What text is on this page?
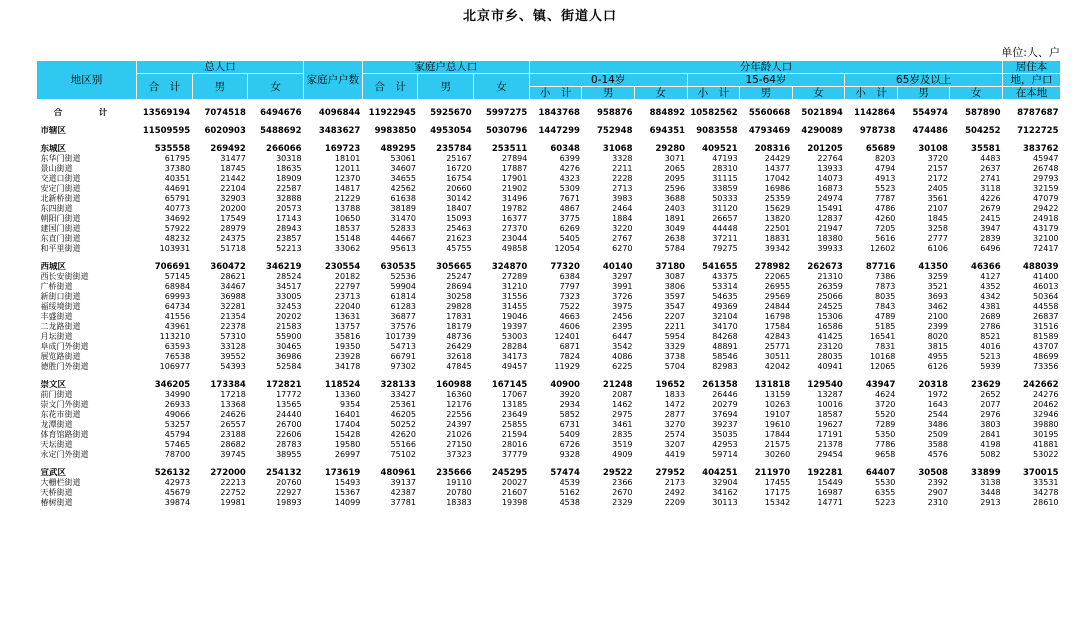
北京市乡、镇、街道人口
单位:人、户
地区别	总人口			家庭户户数	家庭户总人口			分年龄人口									居住本
	合　计	男	女		合　计	男	女	0-14岁			15-64岁			65岁及以上			地，户口
								小　计	男	女	小　计	男	女	小　计	男	女	在本地

合　计	13569194	7074518	6494676	4096844	11922945	5925670	5997275	1843768	958876	884892	10582562	5560668	5021894	1142864	554974	587890	8787687

市辖区	11509595	6020903	5488692	3483627	9983850	4953054	5030796	1447299	752948	694351	9083558	4793469	4290089	978738	474486	504252	7122725

东城区	535558	269492	266066	169723	489295	235784	253511	60348	31068	29280	409521	208316	201205	65689	30108	35581	383762
东华门街道	61795	31477	30318	18101	53061	25167	27894	6399	3328	3071	47193	24429	22764	8203	3720	4483	45947
景山街道	37380	18745	18635	12011	34607	16720	17887	4276	2211	2065	28310	14377	13933	4794	2157	2637	26748
交道口街道	40351	21442	18909	12370	34655	16754	17901	4323	2228	2095	31115	17042	14073	4913	2172	2741	29793
安定门街道	44691	22104	22587	14817	42562	20660	21902	5309	2713	2596	33859	16986	16873	5523	2405	3118	32159
北新桥街道	65791	32903	32888	21229	61638	30142	31496	7671	3983	3688	50333	25359	24974	7787	3561	4226	47079
东四街道	40773	20200	20573	13788	38189	18407	19782	4867	2464	2403	31120	15629	15491	4786	2107	2679	29422
朝阳门街道	34692	17549	17143	10650	31470	15093	16377	3775	1884	1891	26657	13820	12837	4260	1845	2415	24918
建国门街道	57922	28979	28943	18537	52833	25463	27370	6269	3220	3049	44448	22501	21947	7205	3258	3947	43179
东直门街道	48232	24375	23857	15148	44667	21623	23044	5405	2767	2638	37211	18831	18380	5616	2777	2839	32100
和平里街道	103931	51718	52213	33062	95613	45755	49858	12054	6270	5784	79275	39342	39933	12602	6106	6496	72417

西城区	706691	360472	346219	230554	630535	305665	324870	77320	40140	37180	541655	278982	262673	87716	41350	46366	488039
西长安街街道	57145	28621	28524	20182	52536	25247	27289	6384	3297	3087	43375	22065	21310	7386	3259	4127	41400
广桥街道	68984	34467	34517	22797	59904	28694	31210	7797	3991	3806	53314	26955	26359	7873	3521	4352	46013
新街口街道	69993	36988	33005	23713	61814	30258	31556	7323	3726	3597	54635	29569	25066	8035	3693	4342	50364
福绥境街道	64734	32281	32453	22040	61283	29828	31455	7522	3975	3547	49369	24844	24525	7843	3462	4381	44558
丰盛街道	41556	21354	20202	13631	36877	17831	19046	4663	2456	2207	32104	16798	15306	4789	2100	2689	26837
二龙路街道	43961	22378	21583	13757	37576	18179	19397	4606	2395	2211	34170	17584	16586	5185	2399	2786	31516
月坛街道	113210	57310	55900	35816	101739	48736	53003	12401	6447	5954	84268	42843	41425	16541	8020	8521	81589
阜成门外街道	63593	33128	30465	19350	54713	26429	28284	6871	3542	3329	48891	25771	23120	7831	3815	4016	43707
展览路街道	76538	39552	36986	23928	66791	32618	34173	7824	4086	3738	58546	30511	28035	10168	4955	5213	48699
德胜门外街道	106977	54393	52584	34178	97302	47845	49457	11929	6225	5704	82983	42042	40941	12065	6126	5939	73356

崇文区	346205	173384	172821	118524	328133	160988	167145	40900	21248	19652	261358	131818	129540	43947	20318	23629	242662
前门街道	34990	17218	17772	13360	33427	16360	17067	3920	2087	1833	26446	13159	13287	4624	1972	2652	24276
崇文门外街道	26933	13368	13565	9354	25361	12176	13185	2934	1462	1472	20279	10263	10016	3720	1643	2077	20462
东花市街道	49066	24626	24440	16401	46205	22556	23649	5852	2975	2877	37694	19107	18587	5520	2544	2976	32946
龙潭街道	53257	26557	26700	17404	50252	24397	25855	6731	3461	3270	39237	19610	19627	7289	3486	3803	39880
体育馆路街道	45794	23188	22606	15428	42620	21026	21594	5409	2835	2574	35035	17844	17191	5350	2509	2841	30195
天坛街道	57465	28682	28783	19580	55166	27150	28016	6726	3519	3207	42953	21575	21378	7786	3588	4198	41881
永定门外街道	78700	39745	38955	26997	75102	37323	37779	9328	4909	4419	59714	30260	29454	9658	4576	5082	53022

宣武区	526132	272000	254132	173619	480961	235666	245295	57474	29522	27952	404251	211970	192281	64407	30508	33899	370015
大栅栏街道	42973	22213	20760	15493	39137	19110	20027	4539	2366	2173	32904	17455	15449	5530	2392	3138	33531
天桥街道	45679	22752	22927	15367	42387	20780	21607	5162	2670	2492	34162	17175	16987	6355	2907	3448	34278
椿树街道	39874	19981	19893	14099	37781	18383	19398	4538	2329	2209	30113	15342	14771	5223	2310	2913	28610
